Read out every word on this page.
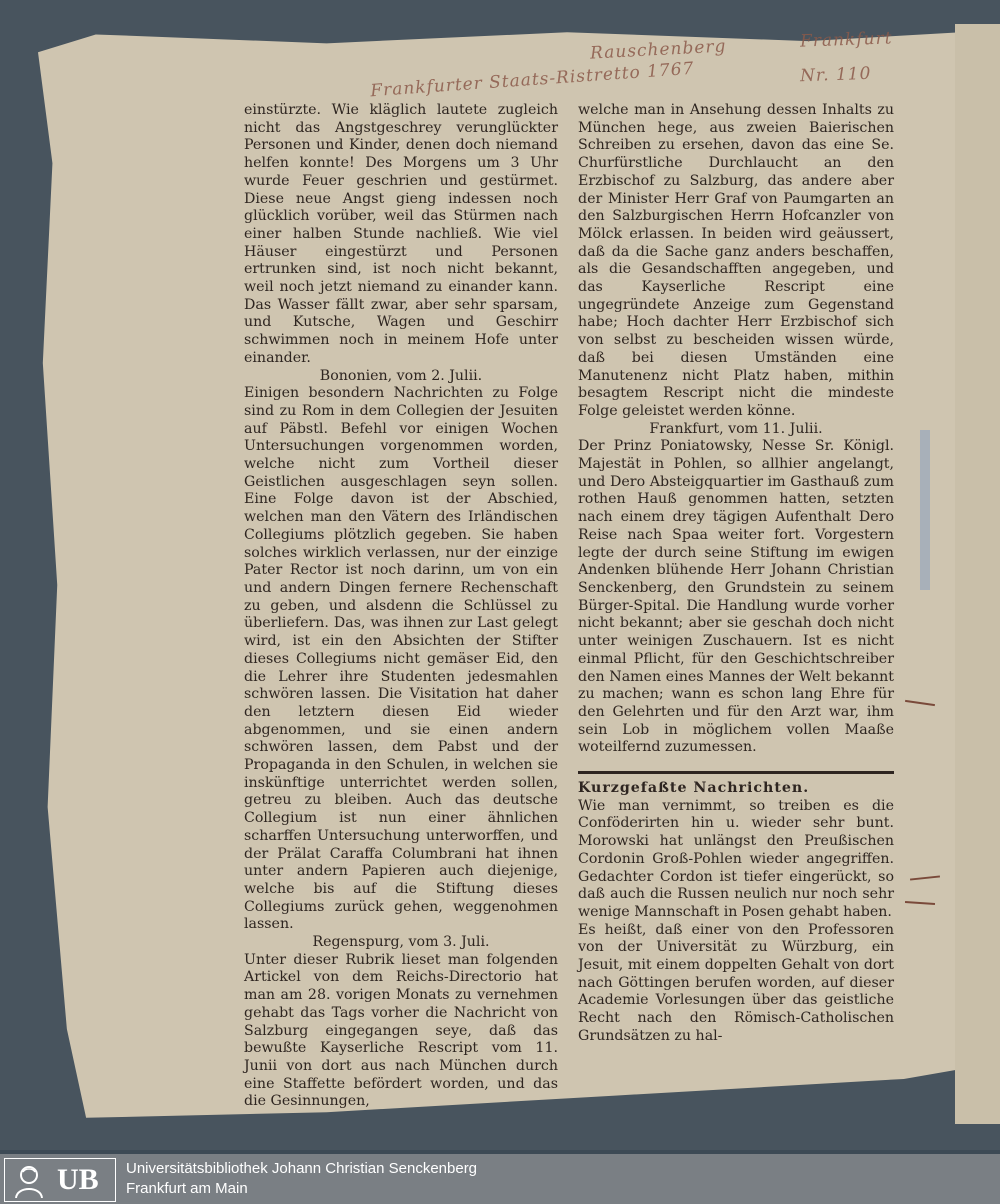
Rauschenberg
Frankfurter Staats-Ristretto 1767
Frankfurt
Nr. 110

einstürzte. Wie kläglich lautete zugleich nicht das Angstgeschrey verunglückter Personen und Kinder, denen doch niemand helfen konnte! Des Morgens um 3 Uhr wurde Feuer geschrien und gestürmet. Diese neue Angst gieng indessen noch glücklich vorüber, weil das Stürmen nach einer halben Stunde nachließ. Wie viel Häuser eingestürzt und Personen ertrunken sind, ist noch nicht bekannt, weil noch jetzt niemand zu einander kann. Das Wasser fällt zwar, aber sehr sparsam, und Kutsche, Wagen und Geschirr schwimmen noch in meinem Hofe unter einander.

Bononien, vom 2. Julii.

Einigen besondern Nachrichten zu Folge sind zu Rom in dem Collegien der Jesuiten auf Päbstl. Befehl vor einigen Wochen Untersuchungen vorgenommen worden, welche nicht zum Vortheil dieser Geistlichen ausgeschlagen seyn sollen. Eine Folge davon ist der Abschied, welchen man den Vätern des Irländischen Collegiums plötzlich gegeben. Sie haben solches wirklich verlassen, nur der einzige Pater Rector ist noch darinn, um von ein und andern Dingen fernere Rechenschaft zu geben, und alsdenn die Schlüssel zu überliefern. Das, was ihnen zur Last gelegt wird, ist ein den Absichten der Stifter dieses Collegiums nicht gemäser Eid, den die Lehrer ihre Studenten jedesmahlen schwören lassen. Die Visitation hat daher den letztern diesen Eid wieder abgenommen, und sie einen andern schwören lassen, dem Pabst und der Propaganda in den Schulen, in welchen sie inskünftige unterrichtet werden sollen, getreu zu bleiben. Auch das deutsche Collegium ist nun einer ähnlichen scharffen Untersuchung unterworffen, und der Prälat Caraffa Columbrani hat ihnen unter andern Papieren auch diejenige, welche bis auf die Stiftung dieses Collegiums zurück gehen, weggenohmen lassen.

Regenspurg, vom 3. Juli.

Unter dieser Rubrik lieset man folgenden Artickel von dem Reichs-Directorio hat man am 28. vorigen Monats zu vernehmen gehabt das Tags vorher die Nachricht von Salzburg eingegangen seye, daß das bewußte Kayserliche Rescript vom 11. Junii von dort aus nach München durch eine Staffette befördert worden, und das die Gesinnungen,

welche man in Ansehung dessen Inhalts zu München hege, aus zweien Baierischen Schreiben zu ersehen, davon das eine Se. Churfürstliche Durchlaucht an den Erzbischof zu Salzburg, das andere aber der Minister Herr Graf von Paumgarten an den Salzburgischen Herrn Hofcanzler von Mölck erlassen. In beiden wird geäussert, daß da die Sache ganz anders beschaffen, als die Gesandschafften angegeben, und das Kayserliche Rescript eine ungegründete Anzeige zum Gegenstand habe; Hoch dachter Herr Erzbischof sich von selbst zu bescheiden wissen würde, daß bei diesen Umständen eine Manutenenz nicht Platz haben, mithin besagtem Rescript nicht die mindeste Folge geleistet werden könne.

Frankfurt, vom 11. Julii.

Der Prinz Poniatowsky, Nesse Sr. Königl. Majestät in Pohlen, so allhier angelangt, und Dero Absteigquartier im Gasthauß zum rothen Hauß genommen hatten, setzten nach einem drey tägigen Aufenthalt Dero Reise nach Spaa weiter fort. Vorgestern legte der durch seine Stiftung im ewigen Andenken blühende Herr Johann Christian Senckenberg, den Grundstein zu seinem Bürger-Spital. Die Handlung wurde vorher nicht bekannt; aber sie geschah doch nicht unter weinigen Zuschauern. Ist es nicht einmal Pflicht, für den Geschichtschreiber den Namen eines Mannes der Welt bekannt zu machen; wann es schon lang Ehre für den Gelehrten und für den Arzt war, ihm sein Lob in möglichem vollen Maaße woteilfernd zuzumessen.

Kurzgefaßte Nachrichten.

Wie man vernimmt, so treiben es die Conföderirten hin u. wieder sehr bunt. Morowski hat unlängst den Preußischen Cordonin Groß-Pohlen wieder angegriffen. Gedachter Cordon ist tiefer eingerückt, so daß auch die Russen neulich nur noch sehr wenige Mannschaft in Posen gehabt haben.

Es heißt, daß einer von den Professoren von der Universität zu Würzburg, ein Jesuit, mit einem doppelten Gehalt von dort nach Göttingen berufen worden, auf dieser Academie Vorlesungen über das geistliche Recht nach den Römisch-Catholischen Grundsätzen zu hal-

UB Universitätsbibliothek Johann Christian Senckenberg
Frankfurt am Main
